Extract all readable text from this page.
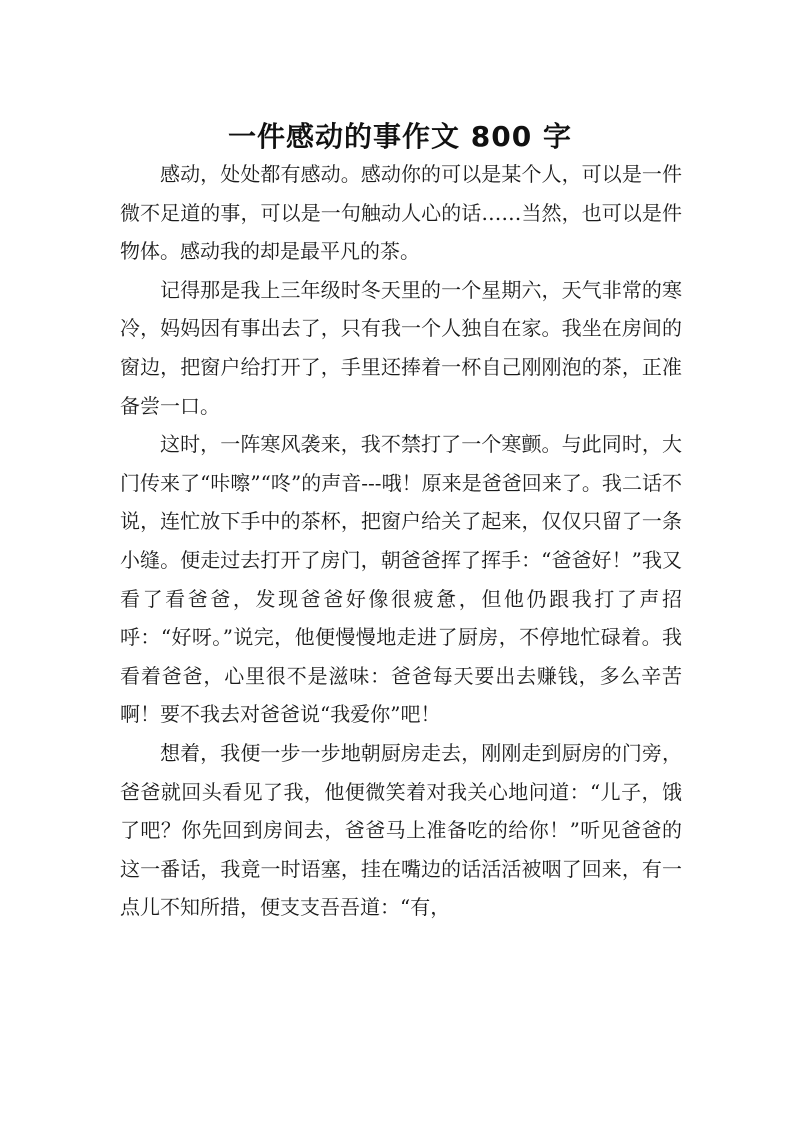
一件感动的事作文 800 字

感动，处处都有感动。感动你的可以是某个人，可以是一件微不足道的事，可以是一句触动人心的话……当然，也可以是件物体。感动我的却是最平凡的茶。

记得那是我上三年级时冬天里的一个星期六，天气非常的寒冷，妈妈因有事出去了，只有我一个人独自在家。我坐在房间的窗边，把窗户给打开了，手里还捧着一杯自己刚刚泡的茶，正准备尝一口。

这时，一阵寒风袭来，我不禁打了一个寒颤。与此同时，大门传来了“咔嚓”“咚”的声音---哦！原来是爸爸回来了。我二话不说，连忙放下手中的茶杯，把窗户给关了起来，仅仅只留了一条小缝。便走过去打开了房门，朝爸爸挥了挥手：“爸爸好！”我又看了看爸爸，发现爸爸好像很疲惫，但他仍跟我打了声招呼：“好呀。”说完，他便慢慢地走进了厨房，不停地忙碌着。我看着爸爸，心里很不是滋味：爸爸每天要出去赚钱，多么辛苦啊！要不我去对爸爸说“我爱你”吧！

想着，我便一步一步地朝厨房走去，刚刚走到厨房的门旁，爸爸就回头看见了我，他便微笑着对我关心地问道：“儿子，饿了吧？你先回到房间去，爸爸马上准备吃的给你！”听见爸爸的这一番话，我竟一时语塞，挂在嘴边的话活活被咽了回来，有一点儿不知所措，便支支吾吾道：“有，
